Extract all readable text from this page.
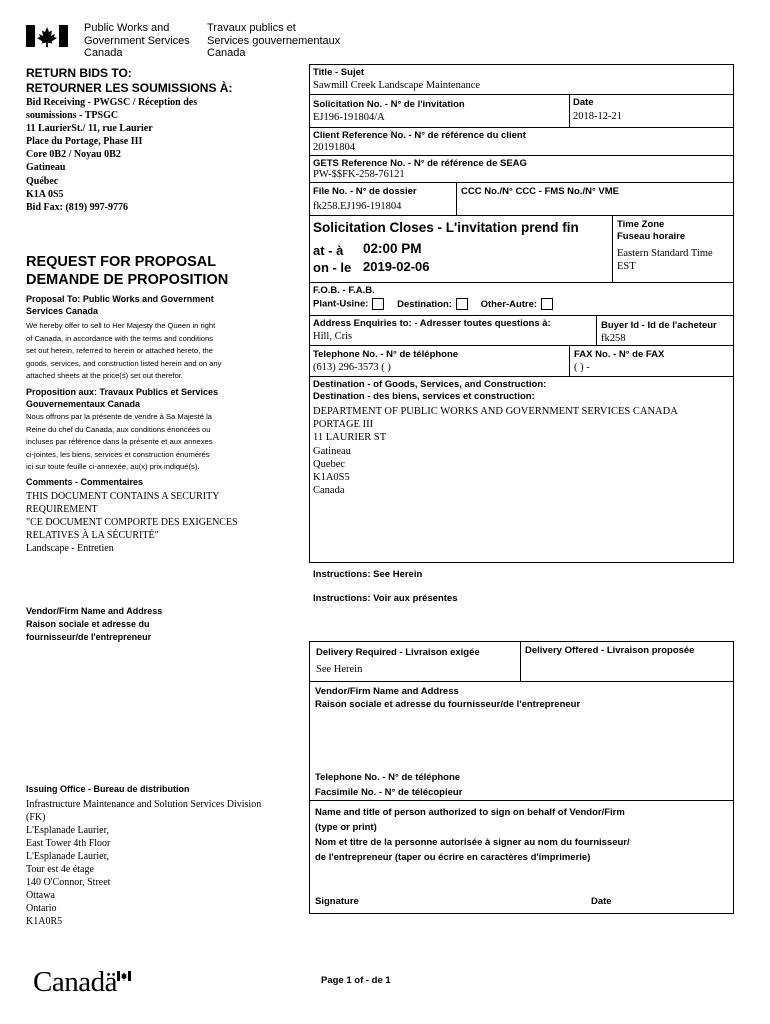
Public Works and
Government Services
Canada
Travaux publics et
Services gouvernementaux
Canada
RETURN BIDS TO:
RETOURNER LES SOUMISSIONS À:
Bid Receiving - PWGSC / Réception des
soumissions - TPSGC
11 LaurierSt./ 11, rue Laurier
Place du Portage, Phase III
Core 0B2 / Noyau 0B2
Gatineau
Québec
K1A 0S5
Bid Fax: (819) 997-9776
REQUEST FOR PROPOSAL
DEMANDE DE PROPOSITION
Proposal To: Public Works and Government
Services Canada
We hereby offer to sell to Her Majesty the Queen in right
of Canada, in accordance with the terms and conditions
set out herein, referred to herein or attached hereto, the
goods, services, and construction listed herein and on any
attached sheets at the price(s) set out therefor.
Proposition aux: Travaux Publics et Services
Gouvernementaux Canada
Nous offrons par la présente de vendre à Sa Majesté la
Reine du chef du Canada, aux conditions énoncées ou
incluses par référence dans la présente et aux annexes
ci-jointes, les biens, services et construction énumérés
ici sur toute feuille ci-annexée, au(x) prix indiqué(s).
Comments - Commentaires
THIS DOCUMENT CONTAINS A SECURITY
REQUIREMENT
"CE DOCUMENT COMPORTE DES EXIGENCES
RELATIVES À LA SÉCURITÉ"
Landscape - Entretien
Vendor/Firm Name and Address
Raison sociale et adresse du
fournisseur/de l'entrepreneur
Issuing Office - Bureau de distribution
Infrastructure Maintenance and Solution Services Division
(FK)
L'Esplanade Laurier,
East Tower 4th Floor
L'Esplanade Laurier,
Tour est 4e étage
140 O'Connor, Street
Ottawa
Ontario
K1A0R5
Title - Sujet
Sawmill Creek Landscape Maintenance
Solicitation No. - N° de l'invitation
EJ196-191804/A
Date
2018-12-21
Client Reference No. - N° de référence du client
20191804
GETS Reference No. - N° de référence de SEAG
PW-$$FK-258-76121
File No. - N° de dossier
fk258.EJ196-191804
CCC No./N° CCC - FMS No./N° VME
Solicitation Closes - L'invitation prend fin
at - à 02:00 PM
on - le 2019-02-06
Time Zone
Fuseau horaire
Eastern Standard Time
EST
F.O.B. - F.A.B.
Plant-Usine:	Destination:	Other-Autre:
Address Enquiries to: - Adresser toutes questions à:
Hill, Cris
Buyer Id - Id de l'acheteur
fk258
Telephone No. - N° de téléphone
(613) 296-3573 ( )
FAX No. - N° de FAX
( ) -
Destination - of Goods, Services, and Construction:
Destination - des biens, services et construction:
DEPARTMENT OF PUBLIC WORKS AND GOVERNMENT SERVICES CANADA
PORTAGE III
11 LAURIER ST
Gatineau
Quebec
K1A0S5
Canada
Instructions: See Herein
Instructions: Voir aux présentes
Delivery Required - Livraison exigée
See Herein
Delivery Offered - Livraison proposée
Vendor/Firm Name and Address
Raison sociale et adresse du fournisseur/de l'entrepreneur
Telephone No. - N° de téléphone
Facsimile No. - N° de télécopieur
Name and title of person authorized to sign on behalf of Vendor/Firm
(type or print)
Nom et titre de la personne autorisée à signer au nom du fournisseur/
de l'entrepreneur (taper ou écrire en caractères d'imprimerie)
Signature	Date
Canadä	Page 1 of - de 1
